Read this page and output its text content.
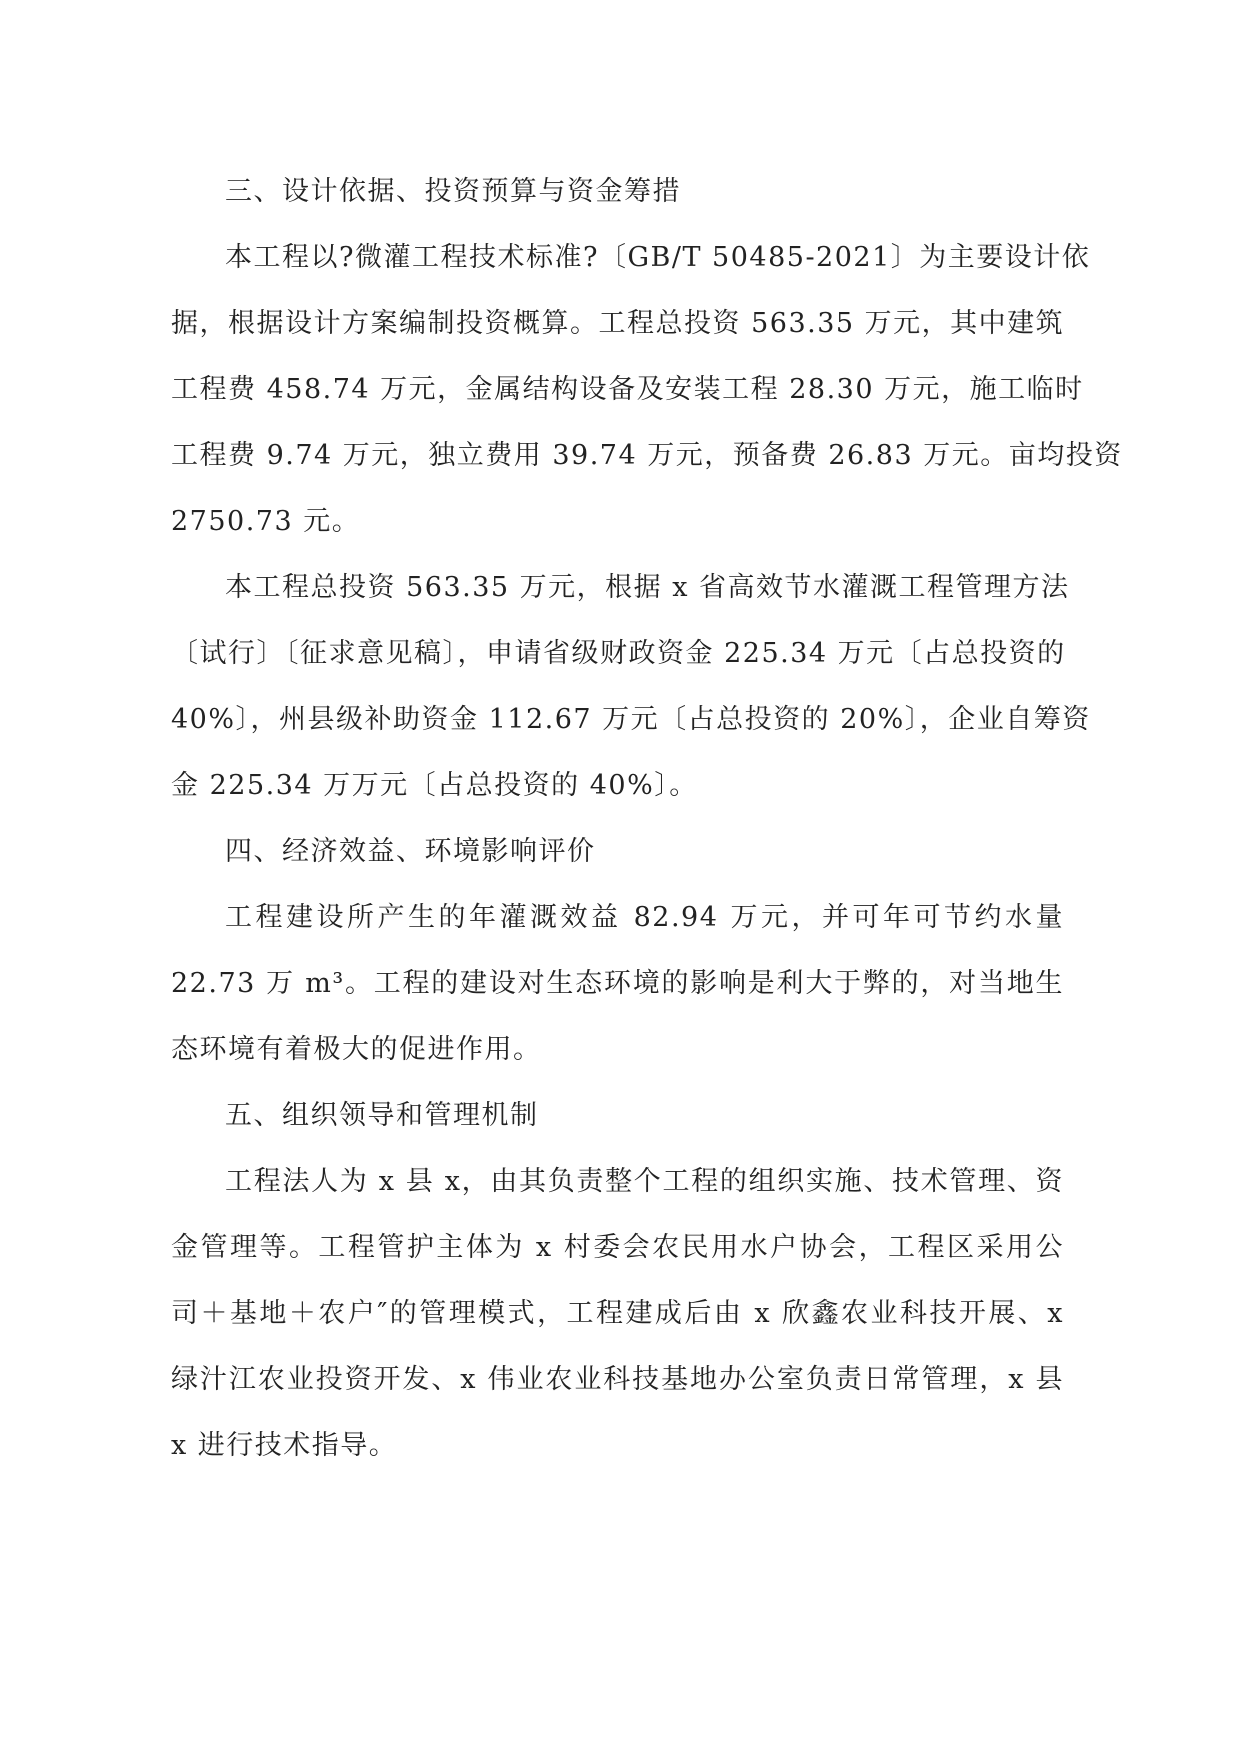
三、设计依据、投资预算与资金筹措
本工程以?微灌工程技术标准?〔GB/T 50485-2021〕为主要设计依
据，根据设计方案编制投资概算。工程总投资 563.35 万元，其中建筑
工程费 458.74 万元，金属结构设备及安装工程 28.30 万元，施工临时
工程费 9.74 万元，独立费用 39.74 万元，预备费 26.83 万元。亩均投资
2750.73 元。
本工程总投资 563.35 万元，根据 x 省高效节水灌溉工程管理方法
〔试行〕〔征求意见稿〕，申请省级财政资金 225.34 万元〔占总投资的
40%〕，州县级补助资金 112.67 万元〔占总投资的 20%〕，企业自筹资
金 225.34 万万元〔占总投资的 40%〕。
四、经济效益、环境影响评价
工程建设所产生的年灌溉效益 82.94 万元，并可年可节约水量
22.73 万 m³。工程的建设对生态环境的影响是利大于弊的，对当地生
态环境有着极大的促进作用。
五、组织领导和管理机制
工程法人为 x 县 x，由其负责整个工程的组织实施、技术管理、资
金管理等。工程管护主体为 x 村委会农民用水户协会，工程区采用公
司＋基地＋农户″的管理模式，工程建成后由 x 欣鑫农业科技开展、x
绿汁江农业投资开发、x 伟业农业科技基地办公室负责日常管理，x 县
x 进行技术指导。
